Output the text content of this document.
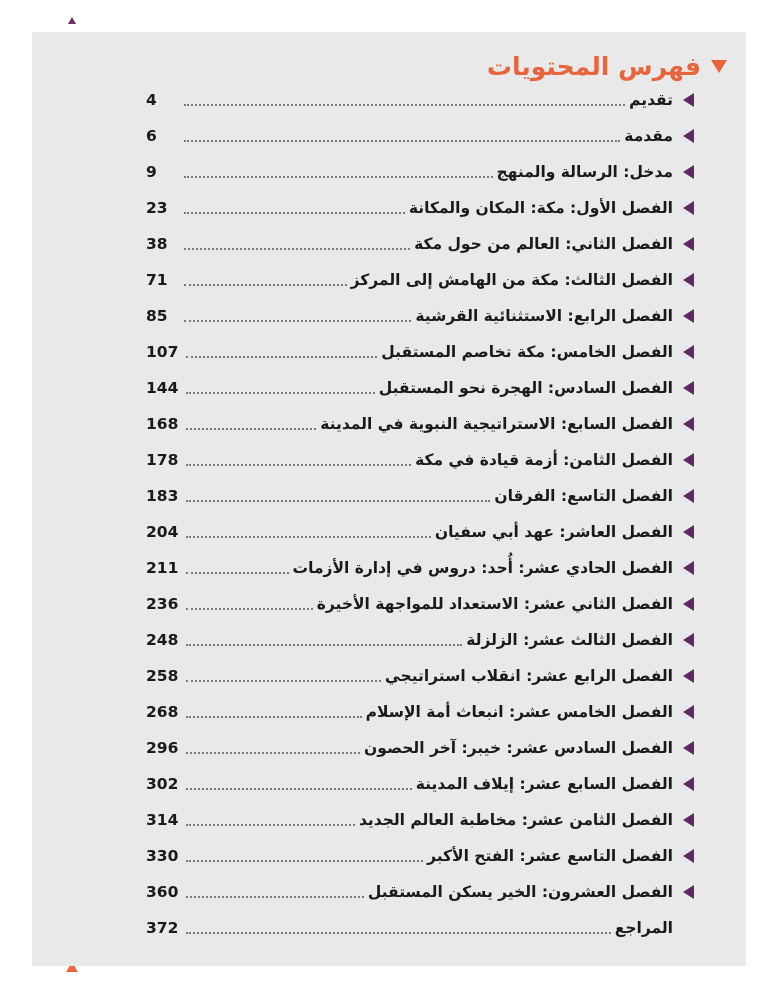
فهرس المحتويات
تقديم
4
مقدمة
6
مدخل: الرسالة والمنهج
9
الفصل الأول: مكة: المكان والمكانة
23
الفصل الثاني: العالم من حول مكة
38
الفصل الثالث: مكة من الهامش إلى المركز
71
الفصل الرابع: الاستثنائية القرشية
85
الفصل الخامس: مكة تخاصم المستقبل
107
الفصل السادس: الهجرة نحو المستقبل
144
الفصل السابع: الاستراتيجية النبوية في المدينة
168
الفصل الثامن: أزمة قيادة في مكة
178
الفصل التاسع: الفرقان
183
الفصل العاشر: عهد أبي سفيان
204
الفصل الحادي عشر: أُحد: دروس في إدارة الأزمات
211
الفصل الثاني عشر: الاستعداد للمواجهة الأخيرة
236
الفصل الثالث عشر: الزلزلة
248
الفصل الرابع عشر: انقلاب استراتيجي
258
الفصل الخامس عشر: انبعاث أمة الإسلام
268
الفصل السادس عشر: خيبر: آخر الحصون
296
الفصل السابع عشر: إيلاف المدينة
302
الفصل الثامن عشر: مخاطبة العالم الجديد
314
الفصل التاسع عشر: الفتح الأكبر
330
الفصل العشرون: الخير يسكن المستقبل
360
المراجع
372
